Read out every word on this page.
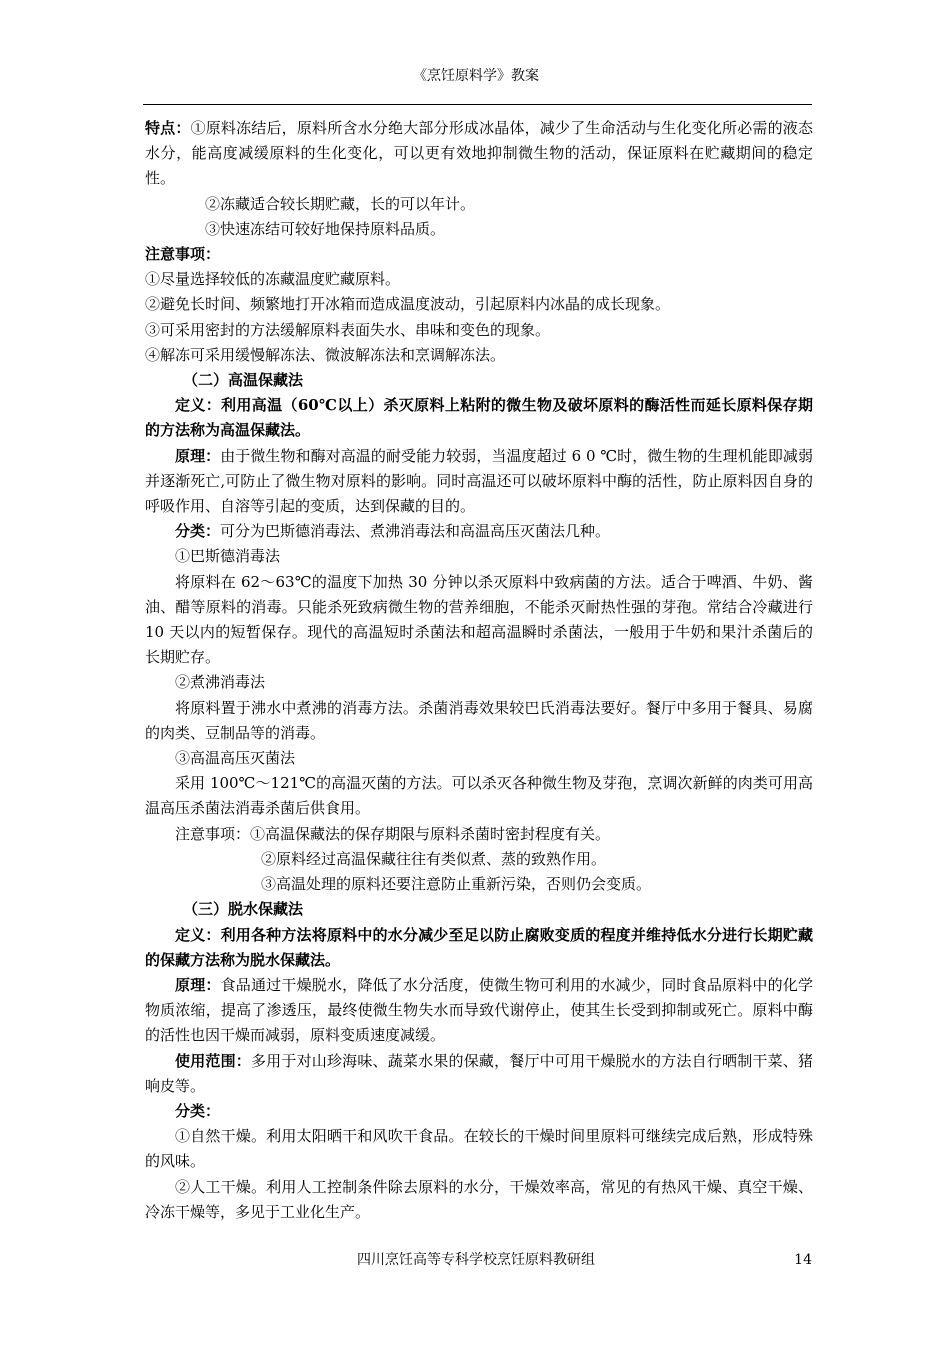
《烹饪原料学》教案

特点：①原料冻结后，原料所含水分绝大部分形成冰晶体，减少了生命活动与生化变化所必需的液态水分，能高度减缓原料的生化变化，可以更有效地抑制微生物的活动，保证原料在贮藏期间的稳定性。

②冻藏适合较长期贮藏，长的可以年计。

③快速冻结可较好地保持原料品质。

注意事项：

①尽量选择较低的冻藏温度贮藏原料。

②避免长时间、频繁地打开冰箱而造成温度波动，引起原料内冰晶的成长现象。

③可采用密封的方法缓解原料表面失水、串味和变色的现象。

④解冻可采用缓慢解冻法、微波解冻法和烹调解冻法。

（二）高温保藏法

定义：利用高温（60℃以上）杀灭原料上粘附的微生物及破坏原料的酶活性而延长原料保存期的方法称为高温保藏法。

原理：由于微生物和酶对高温的耐受能力较弱，当温度超过 6 0 ℃时，微生物的生理机能即减弱并逐渐死亡,可防止了微生物对原料的影响。同时高温还可以破坏原料中酶的活性，防止原料因自身的呼吸作用、自溶等引起的变质，达到保藏的目的。

分类：可分为巴斯德消毒法、煮沸消毒法和高温高压灭菌法几种。

①巴斯德消毒法

将原料在 62～63℃的温度下加热 30 分钟以杀灭原料中致病菌的方法。适合于啤酒、牛奶、酱油、醋等原料的消毒。只能杀死致病微生物的营养细胞，不能杀灭耐热性强的芽孢。常结合冷藏进行 10 天以内的短暂保存。现代的高温短时杀菌法和超高温瞬时杀菌法，一般用于牛奶和果汁杀菌后的长期贮存。

②煮沸消毒法

将原料置于沸水中煮沸的消毒方法。杀菌消毒效果较巴氏消毒法要好。餐厅中多用于餐具、易腐的肉类、豆制品等的消毒。

③高温高压灭菌法

采用 100℃～121℃的高温灭菌的方法。可以杀灭各种微生物及芽孢，烹调次新鲜的肉类可用高温高压杀菌法消毒杀菌后供食用。

注意事项：①高温保藏法的保存期限与原料杀菌时密封程度有关。

②原料经过高温保藏往往有类似煮、蒸的致熟作用。

③高温处理的原料还要注意防止重新污染，否则仍会变质。

（三）脱水保藏法

定义：利用各种方法将原料中的水分减少至足以防止腐败变质的程度并维持低水分进行长期贮藏的保藏方法称为脱水保藏法。

原理：食品通过干燥脱水，降低了水分活度，使微生物可利用的水减少，同时食品原料中的化学物质浓缩，提高了渗透压，最终使微生物失水而导致代谢停止，使其生长受到抑制或死亡。原料中酶的活性也因干燥而减弱，原料变质速度减缓。

使用范围：多用于对山珍海味、蔬菜水果的保藏，餐厅中可用干燥脱水的方法自行晒制干菜、猪响皮等。

分类：

①自然干燥。利用太阳晒干和风吹干食品。在较长的干燥时间里原料可继续完成后熟，形成特殊的风味。

②人工干燥。利用人工控制条件除去原料的水分，干燥效率高，常见的有热风干燥、真空干燥、冷冻干燥等，多见于工业化生产。

四川烹饪高等专科学校烹饪原料教研组	14
